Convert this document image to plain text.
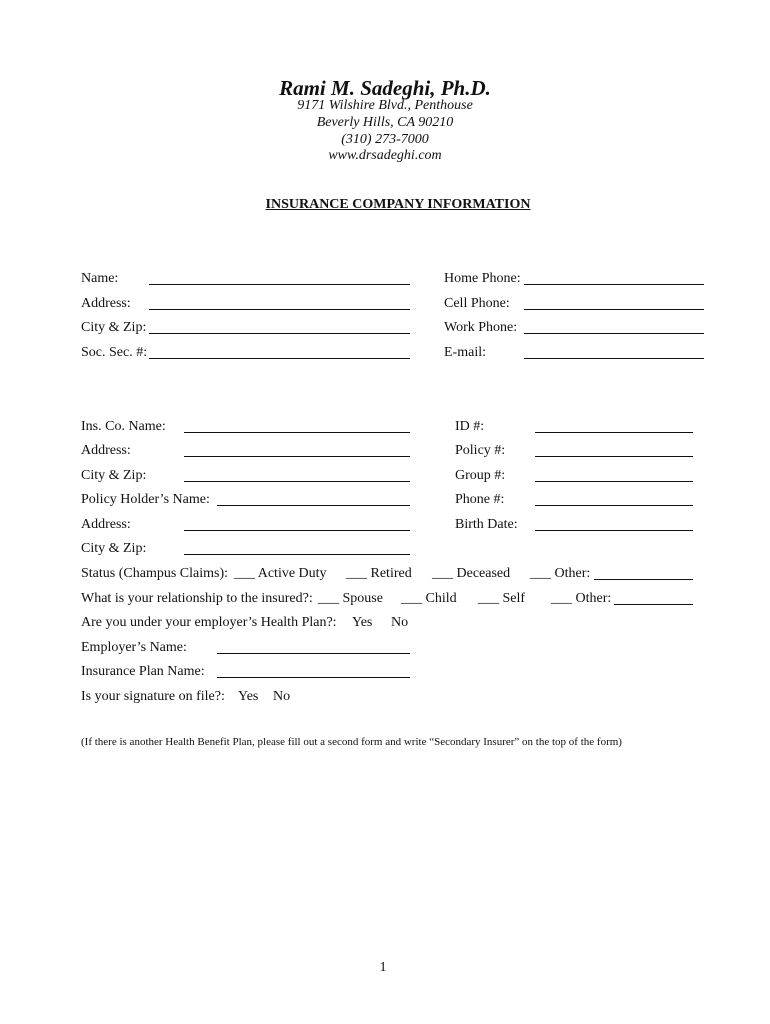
Rami M. Sadeghi, Ph.D.
9171 Wilshire Blvd., Penthouse
Beverly Hills, CA 90210
(310) 273-7000
www.drsadeghi.com
INSURANCE COMPANY INFORMATION
Name:
Address:
City & Zip:
Soc. Sec. #:
Home Phone:
Cell Phone:
Work Phone:
E-mail:
Ins. Co. Name:
Address:
City & Zip:
Policy Holder’s Name:
Address:
City & Zip:
ID #:
Policy #:
Group #:
Phone #:
Birth Date:
Status (Champus Claims): ___ Active Duty ___ Retired ___ Deceased ___ Other:
What is your relationship to the insured?: ___ Spouse ___ Child ___ Self ___ Other:
Are you under your employer’s Health Plan?: Yes No
Employer’s Name:
Insurance Plan Name:
Is your signature on file?: Yes No
(If there is another Health Benefit Plan, please fill out a second form and write “Secondary Insurer” on the top of the form)
1
